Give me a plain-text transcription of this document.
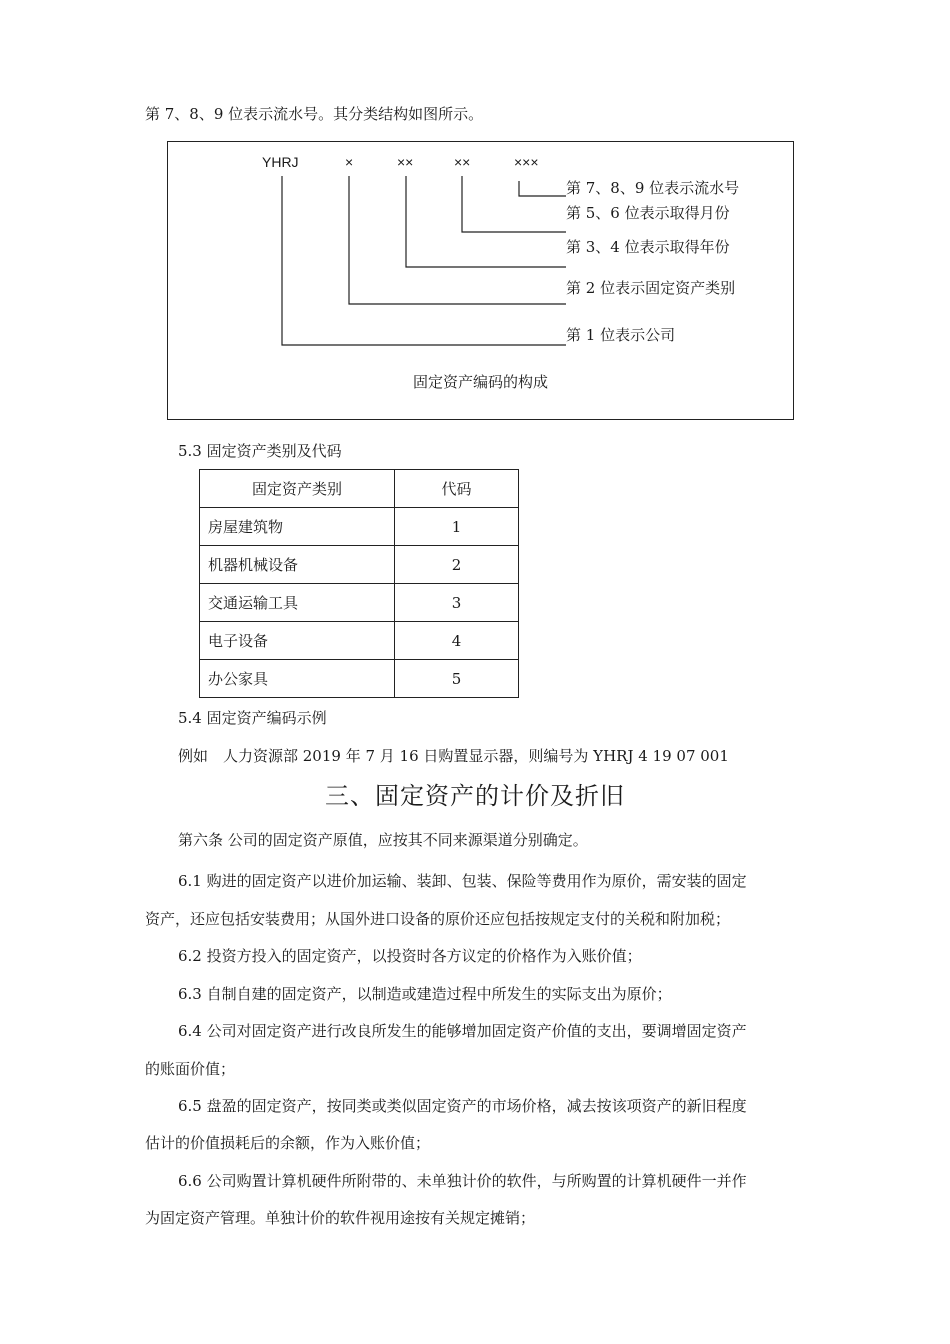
第 7、8、9 位表示流水号。其分类结构如图所示。
YHRJ	×	××	××	×××
第 7、8、9 位表示流水号
第 5、6 位表示取得月份
第 3、4 位表示取得年份
第 2 位表示固定资产类别
第 1 位表示公司
固定资产编码的构成
5.3 固定资产类别及代码
固定资产类别	代码
房屋建筑物	1
机器机械设备	2
交通运输工具	3
电子设备	4
办公家具	5
5.4 固定资产编码示例
例如　人力资源部 2019 年 7 月 16 日购置显示器，则编号为 YHRJ 4 19 07 001
三、固定资产的计价及折旧
第六条 公司的固定资产原值，应按其不同来源渠道分别确定。
6.1 购进的固定资产以进价加运输、装卸、包装、保险等费用作为原价，需安装的固定
资产，还应包括安装费用；从国外进口设备的原价还应包括按规定支付的关税和附加税；
6.2 投资方投入的固定资产，以投资时各方议定的价格作为入账价值；
6.3 自制自建的固定资产，以制造或建造过程中所发生的实际支出为原价；
6.4 公司对固定资产进行改良所发生的能够增加固定资产价值的支出，要调增固定资产
的账面价值；
6.5 盘盈的固定资产，按同类或类似固定资产的市场价格，减去按该项资产的新旧程度
估计的价值损耗后的余额，作为入账价值；
6.6 公司购置计算机硬件所附带的、未单独计价的软件，与所购置的计算机硬件一并作
为固定资产管理。单独计价的软件视用途按有关规定摊销；
